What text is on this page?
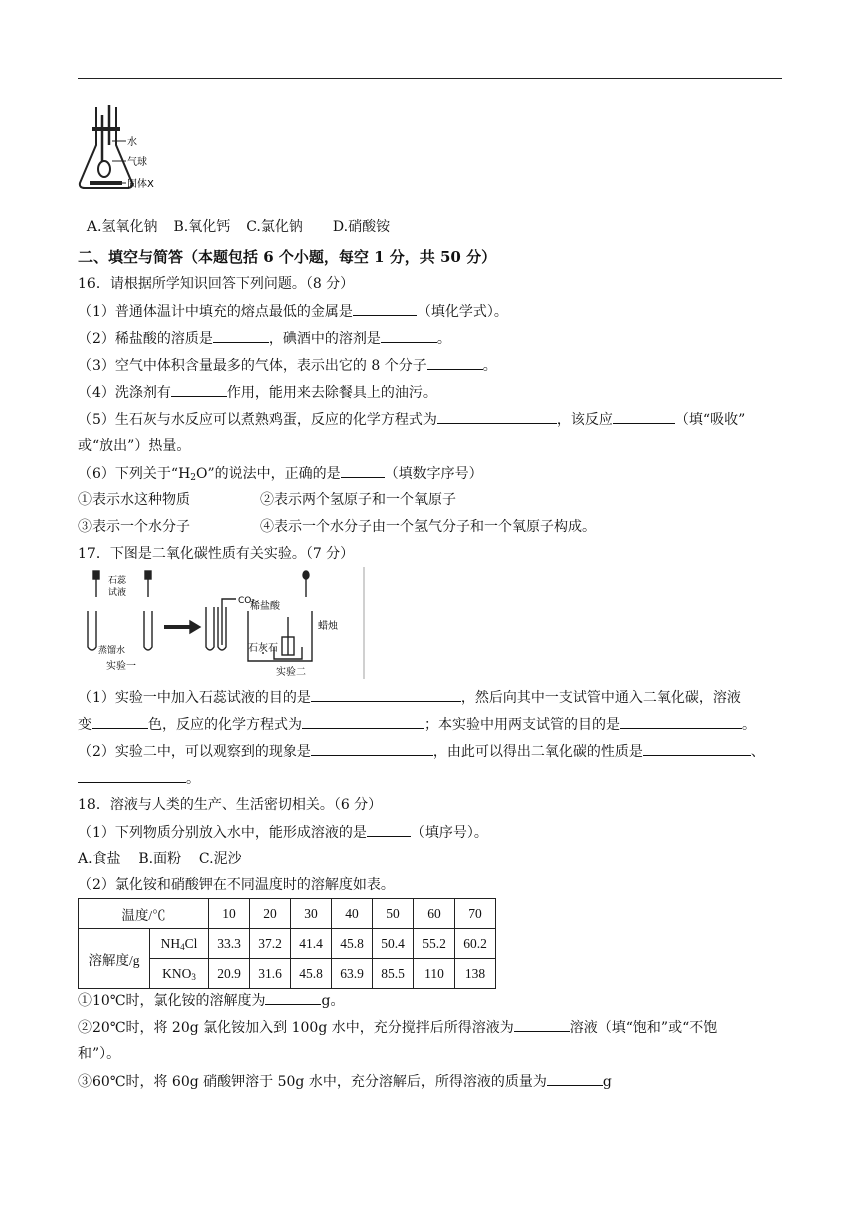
水
气球
固体X

A.氢氧化钠 B.氧化钙 C.氯化钠 D.硝酸铵

二、填空与简答（本题包括 6 个小题，每空 1 分，共 50 分）
16．请根据所学知识回答下列问题。（8 分）
（1）普通体温计中填充的熔点最低的金属是	（填化学式）。
（2）稀盐酸的溶质是	，碘酒中的溶剂是	。
（3）空气中体积含量最多的气体，表示出它的 8 个分子	。
（4）洗涤剂有	作用，能用来去除餐具上的油污。
（5）生石灰与水反应可以煮熟鸡蛋，反应的化学方程式为	，该反应	（填“吸收”
或“放出”）热量。
（6）下列关于“$H_2O$”的说法中，正确的是	（填数字序号）
①表示水这种物质	②表示两个氢原子和一个氧原子
③表示一个水分子	④表示一个水分子由一个氢气分子和一个氧原子构成。
17．下图是二氧化碳性质有关实验。（7 分）
石蕊
试液
蒸馏水
CO₂
实验一
稀盐酸
蜡烛
石灰石
实验二
（1）实验一中加入石蕊试液的目的是	，然后向其中一支试管中通入二氧化碳，溶液
变	色，反应的化学方程式为	；本实验中用两支试管的目的是	。
（2）实验二中，可以观察到的现象是	，由此可以得出二氧化碳的性质是	、
。
18．溶液与人类的生产、生活密切相关。（6 分）
（1）下列物质分别放入水中，能形成溶液的是	（填序号）。
A.食盐    B.面粉    C.泥沙
（2）氯化铵和硝酸钾在不同温度时的溶解度如表。
温度/℃		10	20	30	40	50	60	70
溶解度/g	$NH_4Cl$	33.3	37.2	41.4	45.8	50.4	55.2	60.2
	$KNO_3$	20.9	31.6	45.8	63.9	85.5	110	138
①10℃时，氯化铵的溶解度为	g。
②20℃时，将 20g 氯化铵加入到 100g 水中，充分搅拌后所得溶液为	溶液（填“饱和”或“不饱
和”）。
③60℃时，将 60g 硝酸钾溶于 50g 水中，充分溶解后，所得溶液的质量为	g
